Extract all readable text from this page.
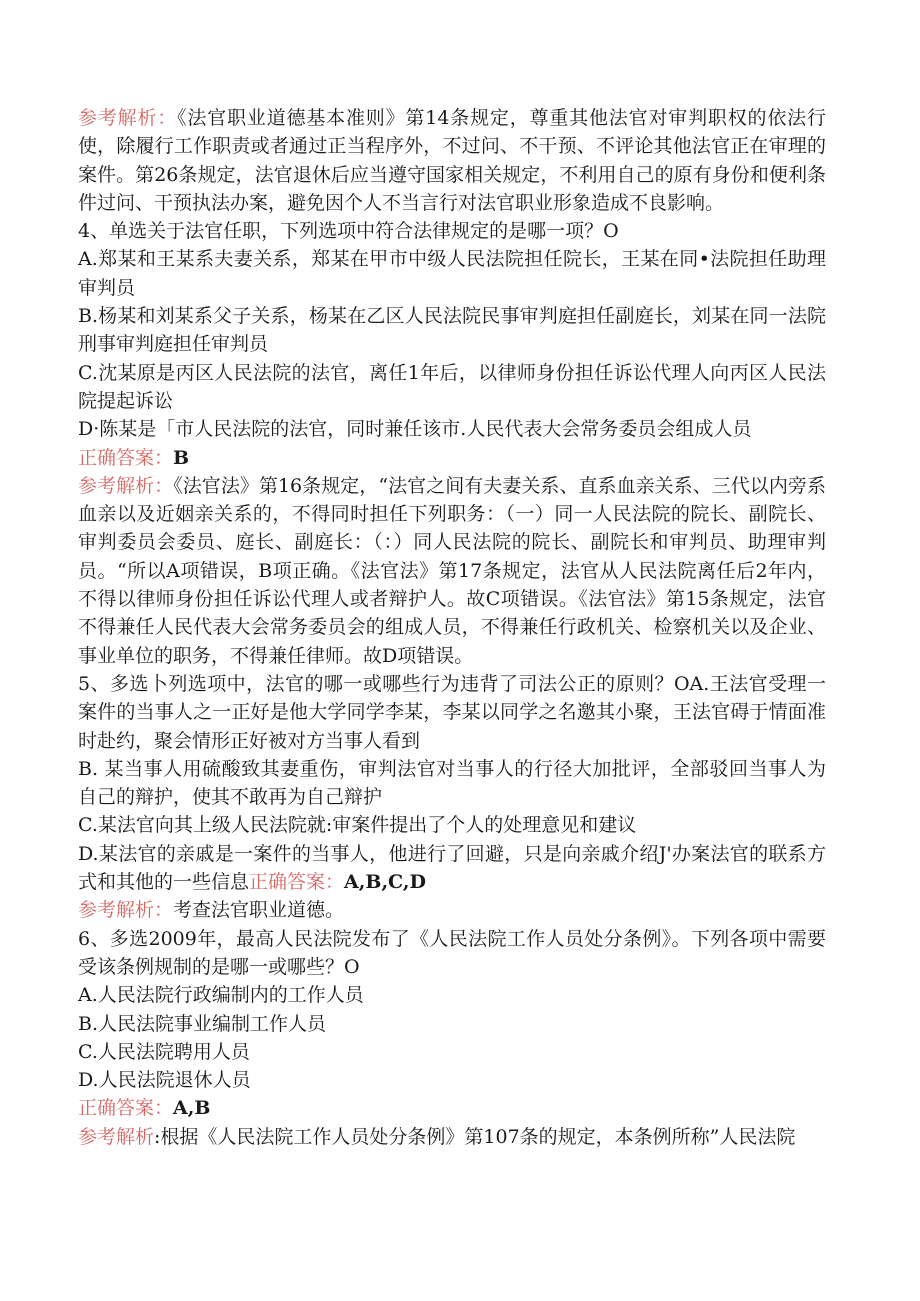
参考解析：《法官职业道德基本准则》第14条规定，尊重其他法官对审判职权的依法行使，除履行工作职责或者通过正当程序外，不过问、不干预、不评论其他法官正在审理的案件。第26条规定，法官退休后应当遵守国家相关规定，不利用自己的原有身份和便利条件过问、干预执法办案，避免因个人不当言行对法官职业形象造成不良影响。

4、单选关于法官任职，下列选项中符合法律规定的是哪一项？O

A.郑某和王某系夫妻关系，郑某在甲市中级人民法院担任院长，王某在同•法院担任助理审判员

B.杨某和刘某系父子关系，杨某在乙区人民法院民事审判庭担任副庭长，刘某在同一法院刑事审判庭担任审判员

C.沈某原是丙区人民法院的法官，离任1年后，以律师身份担任诉讼代理人向丙区人民法院提起诉讼

D·陈某是「市人民法院的法官，同时兼任该市.人民代表大会常务委员会组成人员

正确答案：B

参考解析：《法官法》第16条规定，“法官之间有夫妻关系、直系血亲关系、三代以内旁系血亲以及近姻亲关系的，不得同时担任下列职务：（一）同一人民法院的院长、副院长、审判委员会委员、庭长、副庭长：（：）同人民法院的院长、副院长和审判员、助理审判员。“所以A项错误，B项正确。《法官法》第17条规定，法官从人民法院离任后2年内，不得以律师身份担任诉讼代理人或者辩护人。故C项错误。《法官法》第15条规定，法官不得兼任人民代表大会常务委员会的组成人员，不得兼任行政机关、检察机关以及企业、事业单位的职务，不得兼任律师。故D项错误。

5、多选卜列选项中，法官的哪一或哪些行为违背了司法公正的原则？OA.王法官受理一案件的当事人之一正好是他大学同学李某，李某以同学之名邀其小聚，王法官碍于情面准时赴约，聚会情形正好被对方当事人看到

B. 某当事人用硫酸致其妻重伤，审判法官对当事人的行径大加批评，全部驳回当事人为自己的辩护，使其不敢再为自己辩护

C.某法官向其上级人民法院就:审案件提出了个人的处理意见和建议

D.某法官的亲戚是一案件的当事人，他进行了回避，只是向亲戚介绍J'办案法官的联系方式和其他的一些信息正确答案：A,B,C,D

参考解析：考查法官职业道德。

6、多选2009年，最高人民法院发布了《人民法院工作人员处分条例》。下列各项中需要受该条例规制的是哪一或哪些？O

A.人民法院行政编制内的工作人员

B.人民法院事业编制工作人员

C.人民法院聘用人员

D.人民法院退休人员

正确答案：A,B

参考解析:根据《人民法院工作人员处分条例》第107条的规定，本条例所称”人民法院
